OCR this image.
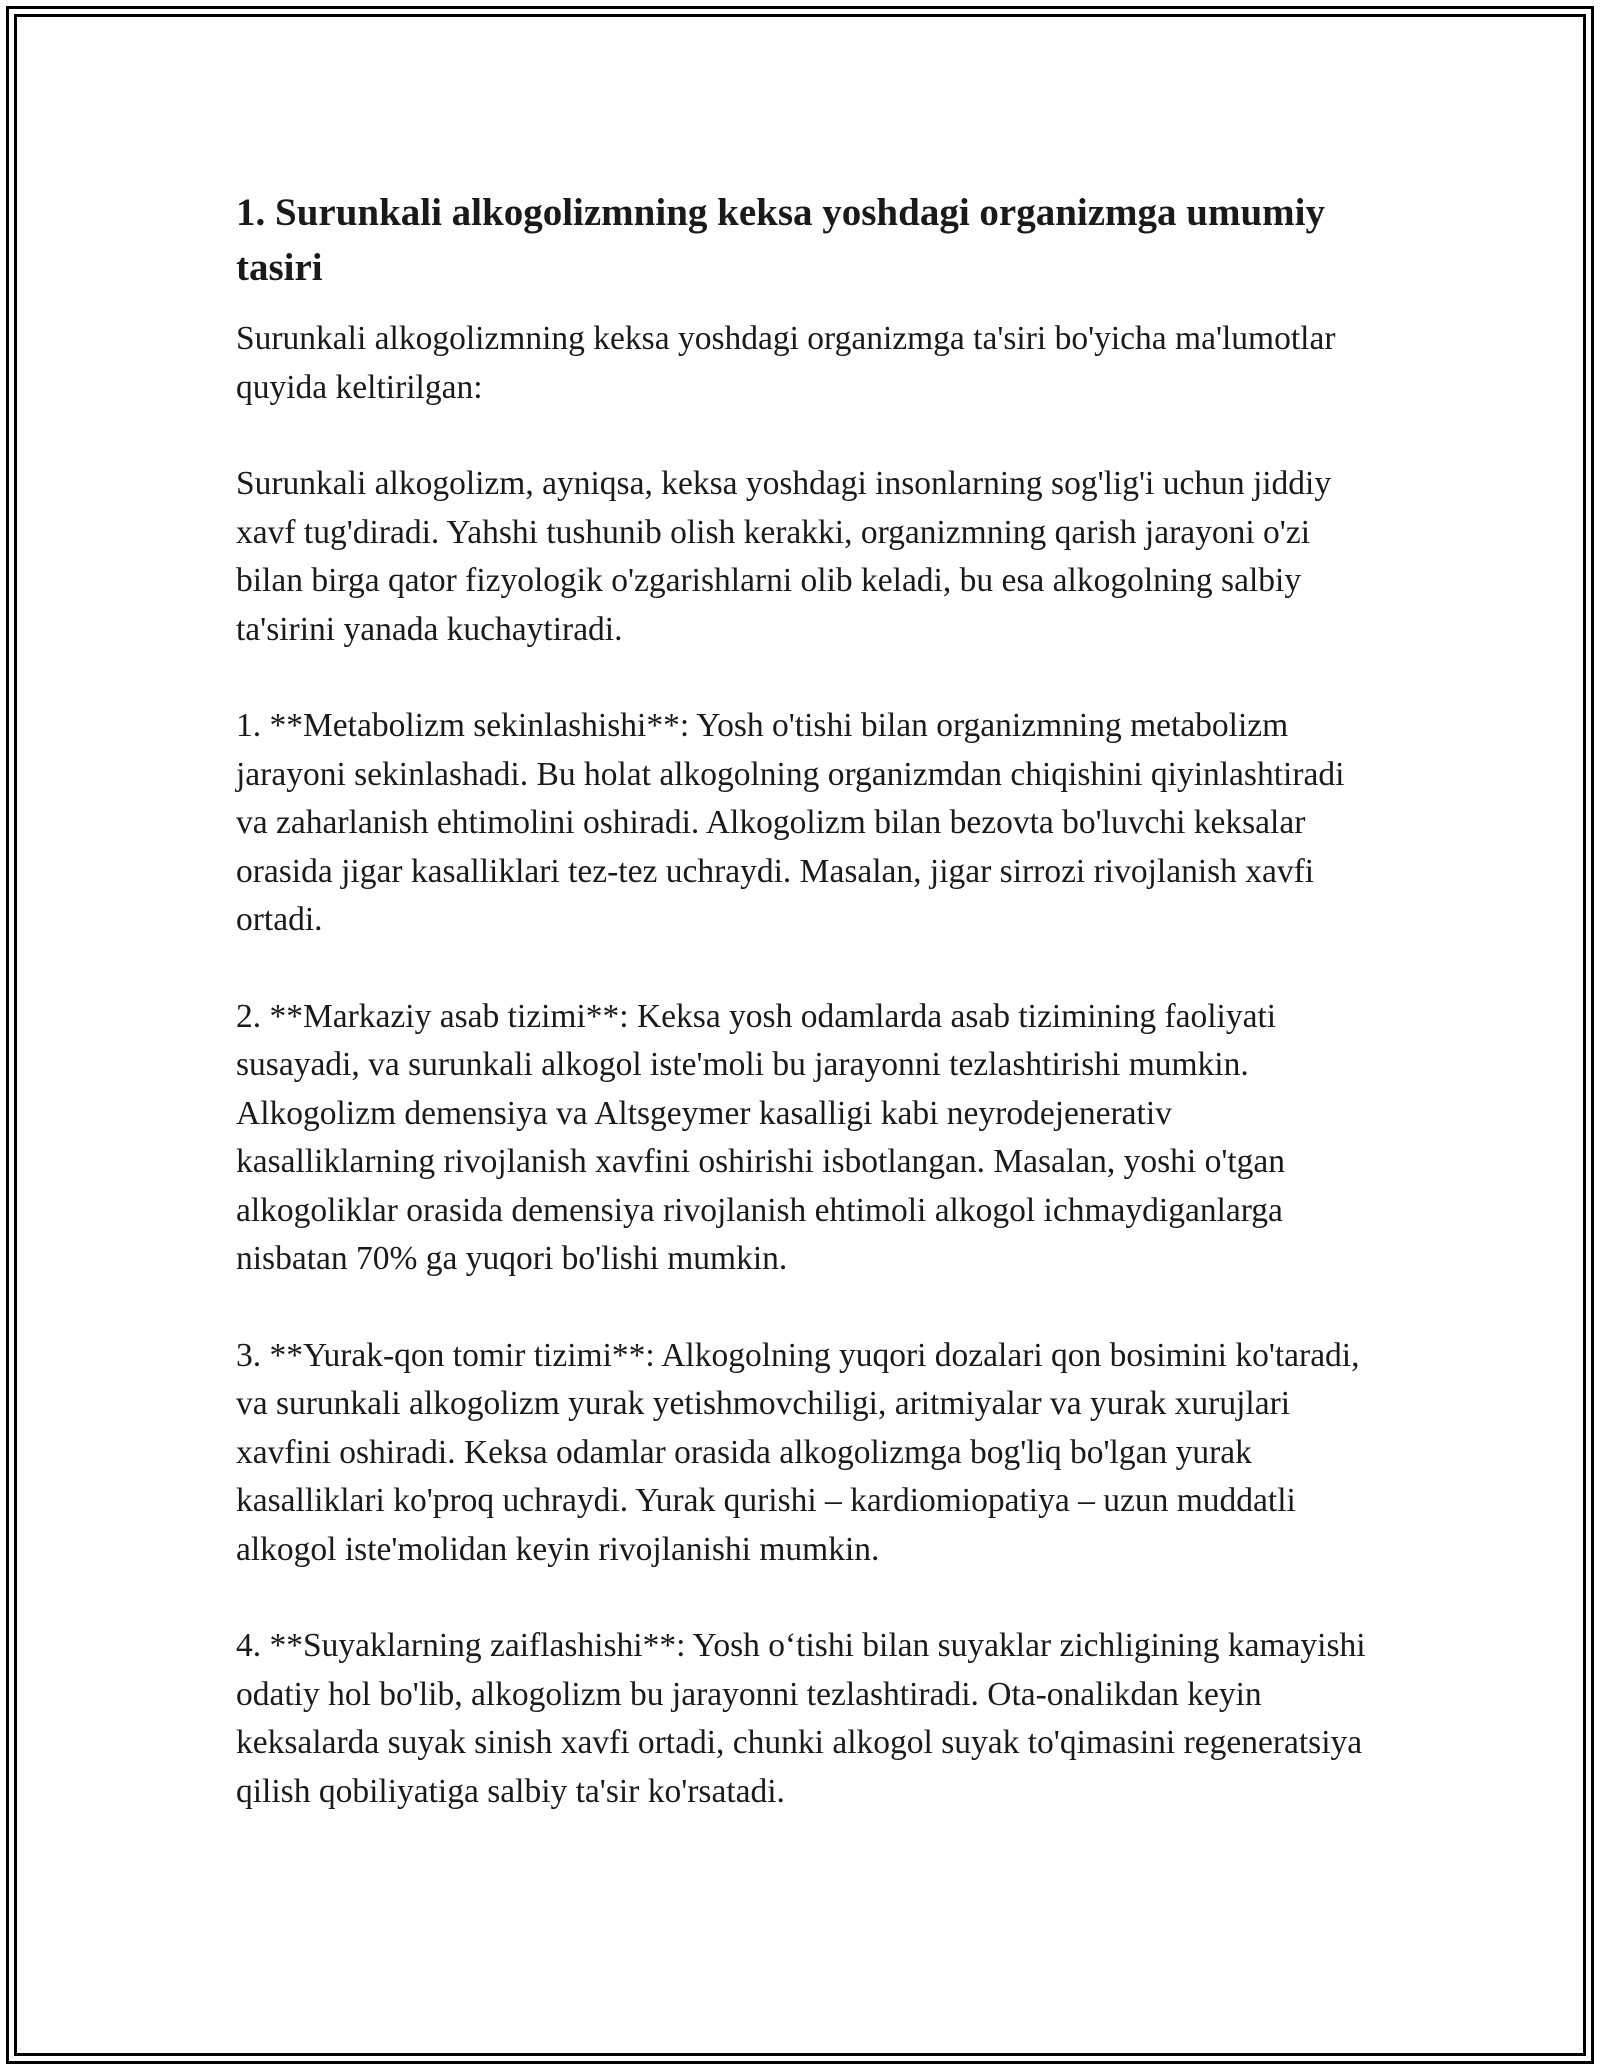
1. Surunkali alkogolizmning keksa yoshdagi organizmga umumiy tasiri

Surunkali alkogolizmning keksa yoshdagi organizmga ta'siri bo'yicha ma'lumotlar quyida keltirilgan:

Surunkali alkogolizm, ayniqsa, keksa yoshdagi insonlarning sog'lig'i uchun jiddiy xavf tug'diradi. Yahshi tushunib olish kerakki, organizmning qarish jarayoni o'zi bilan birga qator fizyologik o'zgarishlarni olib keladi, bu esa alkogolning salbiy ta'sirini yanada kuchaytiradi.

1. **Metabolizm sekinlashishi**: Yosh o'tishi bilan organizmning metabolizm jarayoni sekinlashadi. Bu holat alkogolning organizmdan chiqishini qiyinlashtiradi va zaharlanish ehtimolini oshiradi. Alkogolizm bilan bezovta bo'luvchi keksalar orasida jigar kasalliklari tez-tez uchraydi. Masalan, jigar sirrozi rivojlanish xavfi ortadi.

2. **Markaziy asab tizimi**: Keksa yosh odamlarda asab tizimining faoliyati susayadi, va surunkali alkogol iste'moli bu jarayonni tezlashtirishi mumkin. Alkogolizm demensiya va Altsgeymer kasalligi kabi neyrodejenerativ kasalliklarning rivojlanish xavfini oshirishi isbotlangan. Masalan, yoshi o'tgan alkogoliklar orasida demensiya rivojlanish ehtimoli alkogol ichmaydiganlarga nisbatan 70% ga yuqori bo'lishi mumkin.

3. **Yurak-qon tomir tizimi**: Alkogolning yuqori dozalari qon bosimini ko'taradi, va surunkali alkogolizm yurak yetishmovchiligi, aritmiyalar va yurak xurujlari xavfini oshiradi. Keksa odamlar orasida alkogolizmga bog'liq bo'lgan yurak kasalliklari ko'proq uchraydi. Yurak qurishi – kardiomiopatiya – uzun muddatli alkogol iste'molidan keyin rivojlanishi mumkin.

4. **Suyaklarning zaiflashishi**: Yosh o‘tishi bilan suyaklar zichligining kamayishi odatiy hol bo'lib, alkogolizm bu jarayonni tezlashtiradi. Ota-onalikdan keyin keksalarda suyak sinish xavfi ortadi, chunki alkogol suyak to'qimasini regeneratsiya qilish qobiliyatiga salbiy ta'sir ko'rsatadi.
